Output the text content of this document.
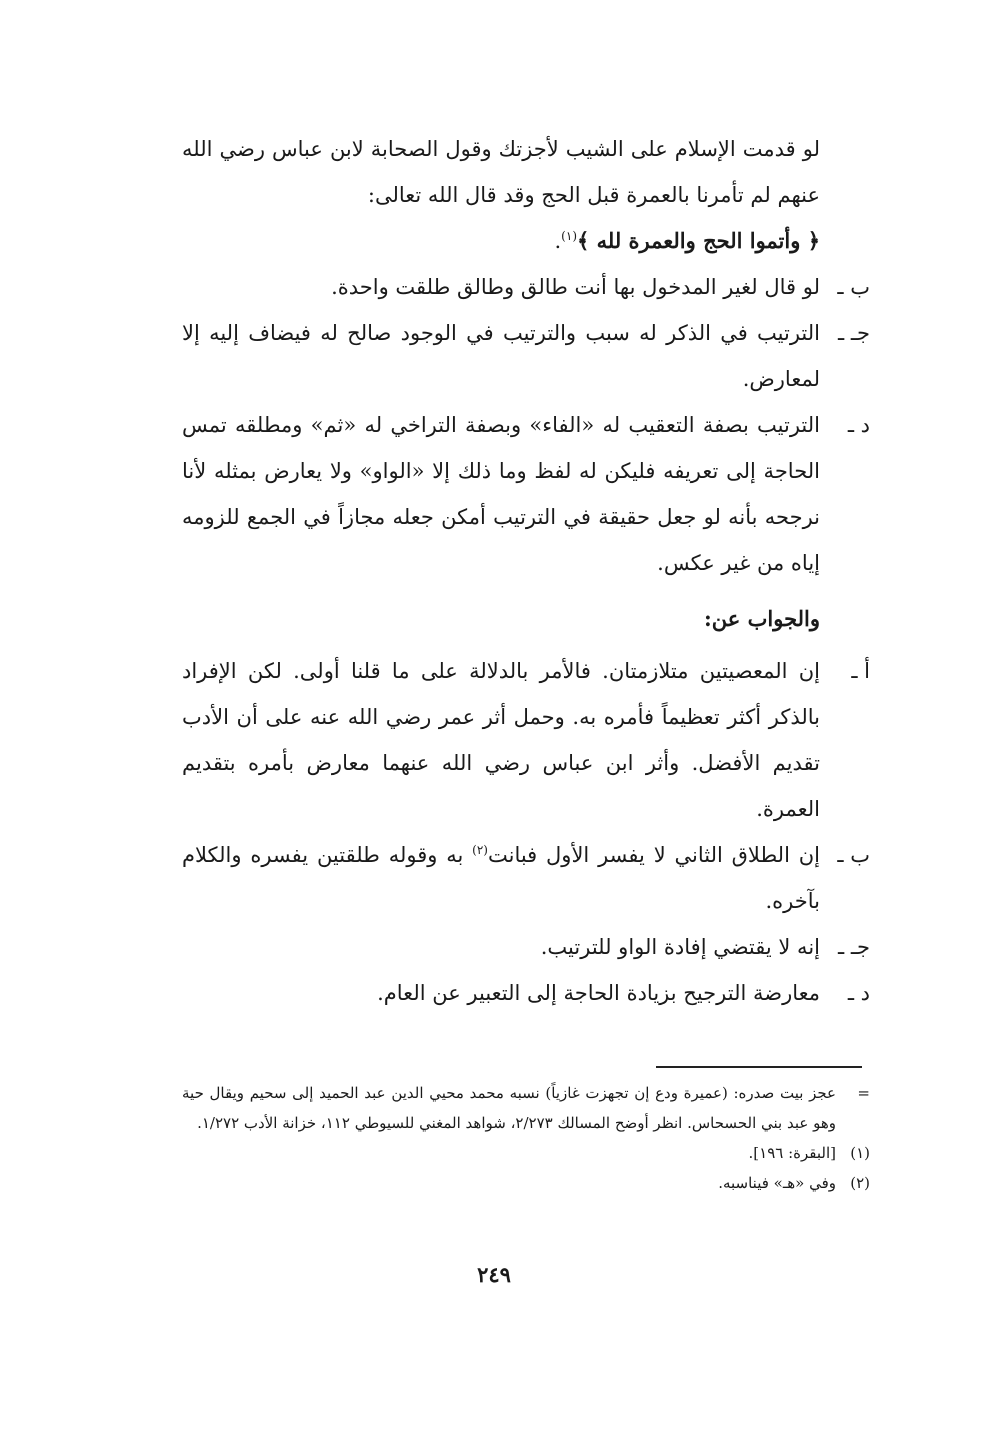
لو قدمت الإسلام على الشيب لأجزتك وقول الصحابة لابن عباس رضي الله عنهم لم تأمرنا بالعمرة قبل الحج وقد قال الله تعالى:
﴿ وأتموا الحج والعمرة لله ﴾$^{(١)}$.

ب ـ
لو قال لغير المدخول بها أنت طالق وطالق طلقت واحدة.
جـ ـ
الترتيب في الذكر له سبب والترتيب في الوجود صالح له فيضاف إليه إلا لمعارض.
د ـ
الترتيب بصفة التعقيب له «الفاء» وبصفة التراخي له «ثم» ومطلقه تمس الحاجة إلى تعريفه فليكن له لفظ وما ذلك إلا «الواو» ولا يعارض بمثله لأنا نرجحه بأنه لو جعل حقيقة في الترتيب أمكن جعله مجازاً في الجمع للزومه إياه من غير عكس.

والجواب عن:

أ ـ
إن المعصيتين متلازمتان. فالأمر بالدلالة على ما قلنا أولى. لكن الإفراد بالذكر أكثر تعظيماً فأمره به. وحمل أثر عمر رضي الله عنه على أن الأدب تقديم الأفضل. وأثر ابن عباس رضي الله عنهما معارض بأمره بتقديم العمرة.
ب ـ
إن الطلاق الثاني لا يفسر الأول فبانت$^{(٢)}$ به وقوله طلقتين يفسره والكلام بآخره.
جـ ـ
إنه لا يقتضي إفادة الواو للترتيب.
د ـ
معارضة الترجيح بزيادة الحاجة إلى التعبير عن العام.
=
عجز بيت صدره: (عميرة ودع إن تجهزت غازياً) نسبه محمد محيي الدين عبد الحميد إلى سحيم ويقال حية وهو عبد بني الحسحاس. انظر أوضح المسالك ٢/٢٧٣، شواهد المغني للسيوطي ١١٢، خزانة الأدب ١/٢٧٢.
(١)
[البقرة: ١٩٦].
(٢)
وفي «هـ» فيناسبه.
٢٤٩
